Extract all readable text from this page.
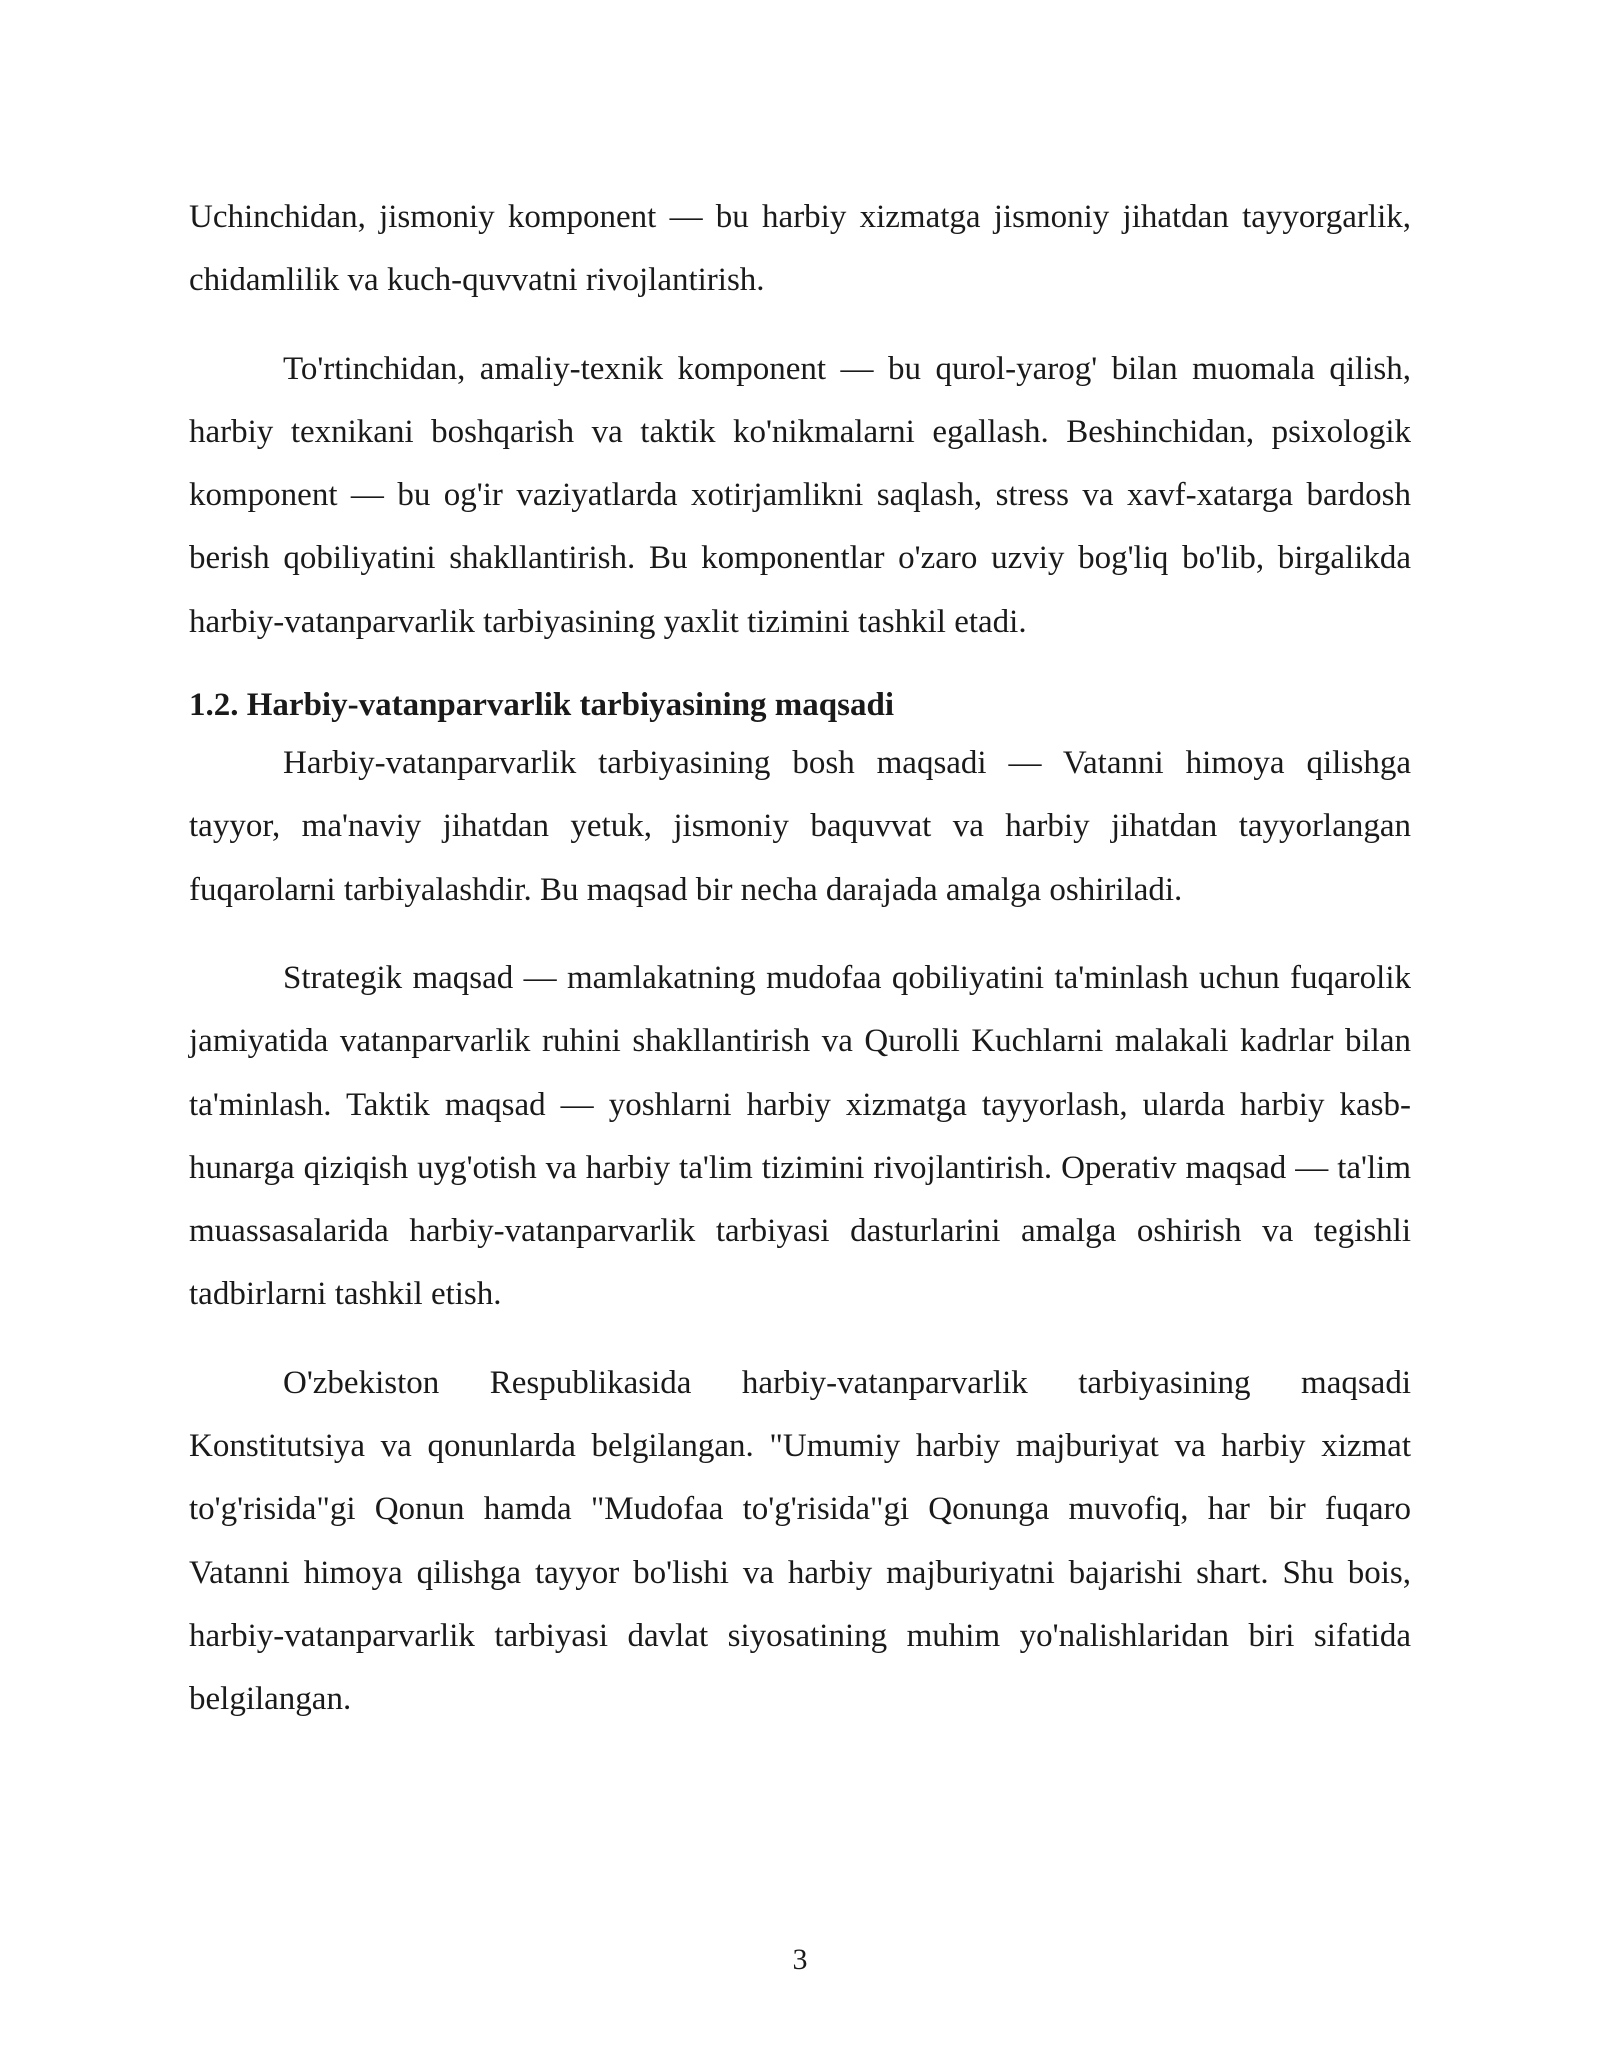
Uchinchidan, jismoniy komponent — bu harbiy xizmatga jismoniy jihatdan tayyorgarlik, chidamlilik va kuch-quvvatni rivojlantirish.

To'rtinchidan, amaliy-texnik komponent — bu qurol-yarog' bilan muomala qilish, harbiy texnikani boshqarish va taktik ko'nikmalarni egallash. Beshinchidan, psixologik komponent — bu og'ir vaziyatlarda xotirjamlikni saqlash, stress va xavf-xatarga bardosh berish qobiliyatini shakllantirish. Bu komponentlar o'zaro uzviy bog'liq bo'lib, birgalikda harbiy-vatanparvarlik tarbiyasining yaxlit tizimini tashkil etadi.

1.2. Harbiy-vatanparvarlik tarbiyasining maqsadi

Harbiy-vatanparvarlik tarbiyasining bosh maqsadi — Vatanni himoya qilishga tayyor, ma'naviy jihatdan yetuk, jismoniy baquvvat va harbiy jihatdan tayyorlangan fuqarolarni tarbiyalashdir. Bu maqsad bir necha darajada amalga oshiriladi.

Strategik maqsad — mamlakatning mudofaa qobiliyatini ta'minlash uchun fuqarolik jamiyatida vatanparvarlik ruhini shakllantirish va Qurolli Kuchlarni malakali kadrlar bilan ta'minlash. Taktik maqsad — yoshlarni harbiy xizmatga tayyorlash, ularda harbiy kasb-hunarga qiziqish uyg'otish va harbiy ta'lim tizimini rivojlantirish. Operativ maqsad — ta'lim muassasalarida harbiy-vatanparvarlik tarbiyasi dasturlarini amalga oshirish va tegishli tadbirlarni tashkil etish.

O'zbekiston Respublikasida harbiy-vatanparvarlik tarbiyasining maqsadi Konstitutsiya va qonunlarda belgilangan. "Umumiy harbiy majburiyat va harbiy xizmat to'g'risida"gi Qonun hamda "Mudofaa to'g'risida"gi Qonunga muvofiq, har bir fuqaro Vatanni himoya qilishga tayyor bo'lishi va harbiy majburiyatni bajarishi shart. Shu bois, harbiy-vatanparvarlik tarbiyasi davlat siyosatining muhim yo'nalishlaridan biri sifatida belgilangan.

3
